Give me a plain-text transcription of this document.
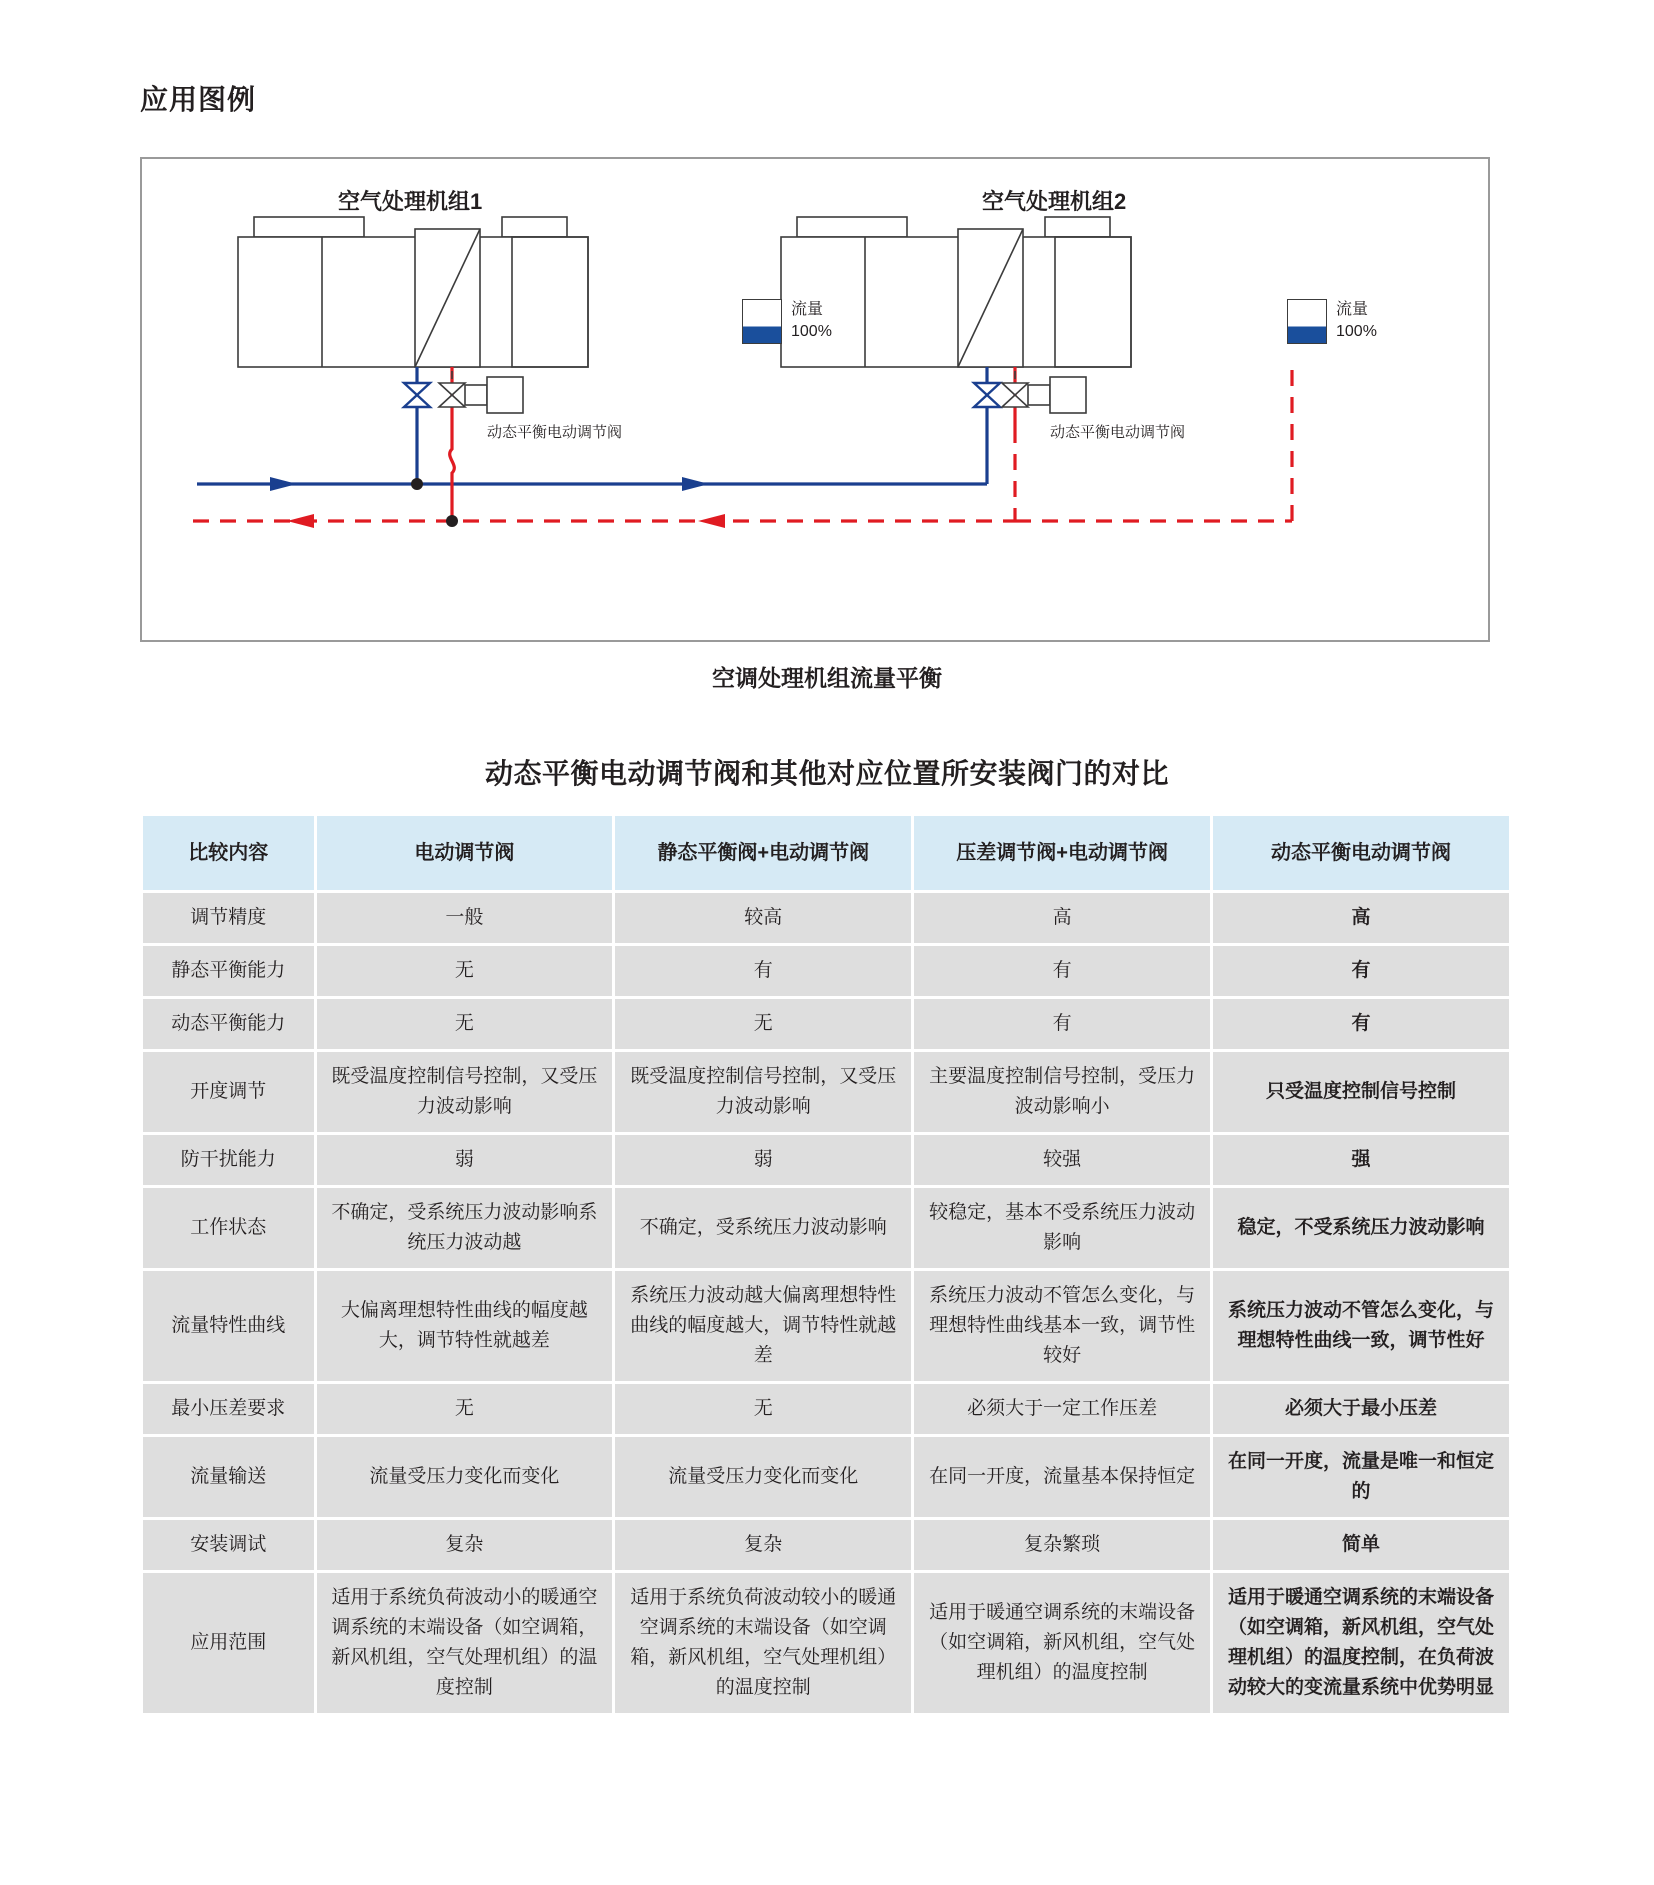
应用图例
空气处理机组1	空气处理机组2
流量
100%
流量
100%
动态平衡电动调节阀	动态平衡电动调节阀
空调处理机组流量平衡
动态平衡电动调节阀和其他对应位置所安装阀门的对比
比较内容	电动调节阀	静态平衡阀+电动调节阀	压差调节阀+电动调节阀	动态平衡电动调节阀
调节精度	一般	较高	高	高
静态平衡能力	无	有	有	有
动态平衡能力	无	无	有	有
开度调节	既受温度控制信号控制，又受压力波动影响	既受温度控制信号控制，又受压力波动影响	主要温度控制信号控制，受压力波动影响小	只受温度控制信号控制
防干扰能力	弱	弱	较强	强
工作状态	不确定，受系统压力波动影响系统压力波动越	不确定，受系统压力波动影响	较稳定，基本不受系统压力波动影响	稳定，不受系统压力波动影响
流量特性曲线	大偏离理想特性曲线的幅度越大，调节特性就越差	系统压力波动越大偏离理想特性曲线的幅度越大，调节特性就越差	系统压力波动不管怎么变化，与理想特性曲线基本一致，调节性较好	系统压力波动不管怎么变化，与理想特性曲线一致，调节性好
最小压差要求	无	无	必须大于一定工作压差	必须大于最小压差
流量输送	流量受压力变化而变化	流量受压力变化而变化	在同一开度，流量基本保持恒定	在同一开度，流量是唯一和恒定的
安装调试	复杂	复杂	复杂繁琐	简单
应用范围	适用于系统负荷波动小的暖通空调系统的末端设备（如空调箱，新风机组，空气处理机组）的温度控制	适用于系统负荷波动较小的暖通空调系统的末端设备（如空调箱，新风机组，空气处理机组）的温度控制	适用于暖通空调系统的末端设备（如空调箱，新风机组，空气处理机组）的温度控制	适用于暖通空调系统的末端设备（如空调箱，新风机组，空气处理机组）的温度控制，在负荷波动较大的变流量系统中优势明显
